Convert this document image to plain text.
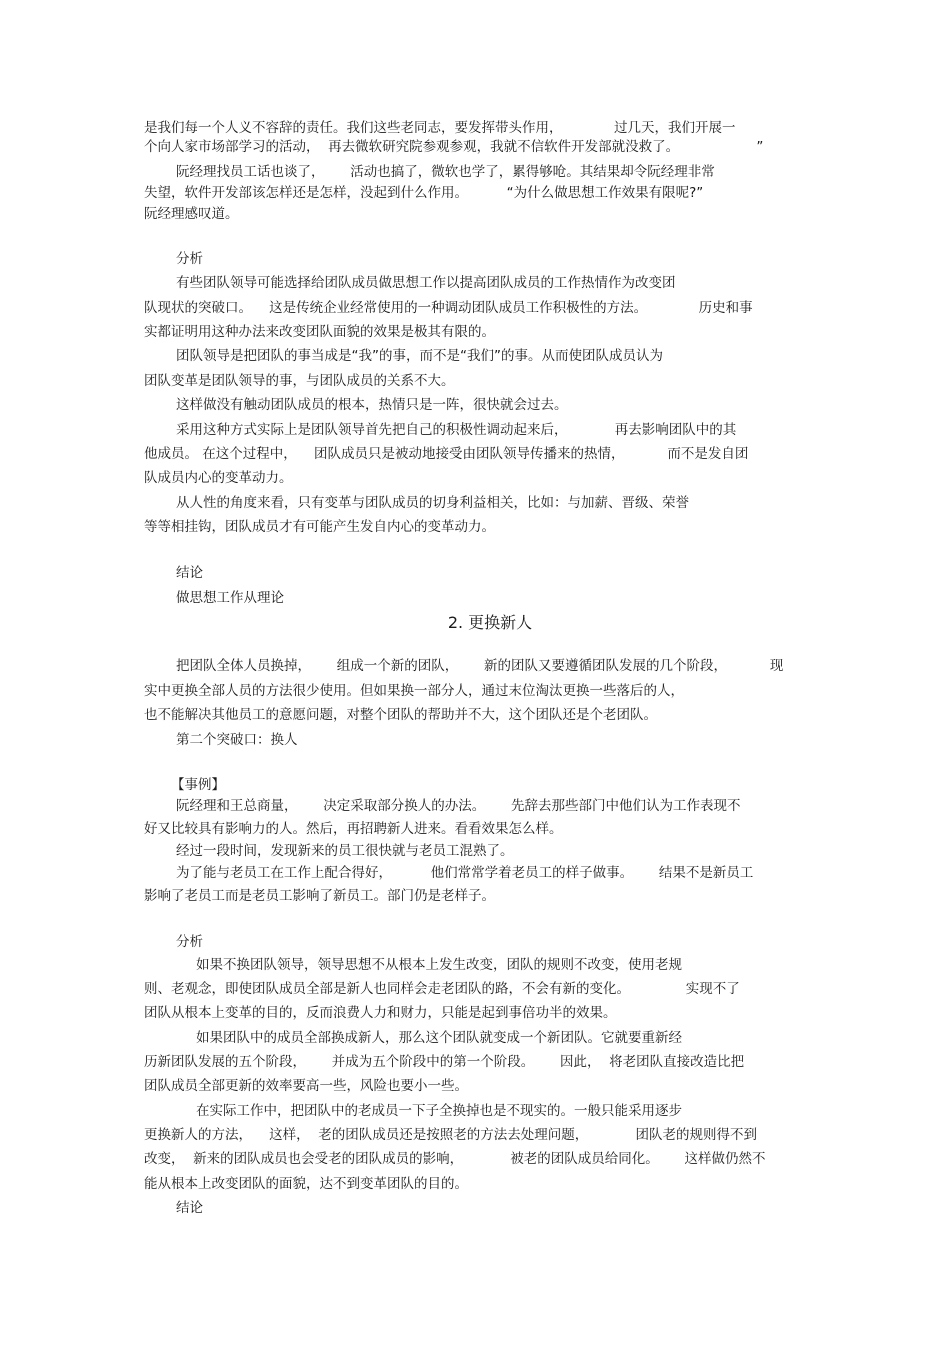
是我们每一个人义不容辞的责任。我们这些老同志，要发挥带头作用，            过几天，我们开展一

个向人家市场部学习的活动，  再去微软研究院参观参观，我就不信软件开发部就没救了。                  ”

阮经理找员工话也谈了，      活动也搞了，微软也学了，累得够呛。其结果却令阮经理非常

失望，软件开发部该怎样还是怎样，没起到什么作用。         “为什么做思想工作效果有限呢?”

阮经理感叹道。

分析

有些团队领导可能选择给团队成员做思想工作以提高团队成员的工作热情作为改变团

队现状的突破口。    这是传统企业经常使用的一种调动团队成员工作积极性的方法。            历史和事

实都证明用这种办法来改变团队面貌的效果是极其有限的。

团队领导是把团队的事当成是“我”的事，而不是“我们”的事。从而使团队成员认为

团队变革是团队领导的事，与团队成员的关系不大。

这样做没有触动团队成员的根本，热情只是一阵，很快就会过去。

采用这种方式实际上是团队领导首先把自己的积极性调动起来后，           再去影响团队中的其

他成员。 在这个过程中，    团队成员只是被动地接受由团队领导传播来的热情，          而不是发自团

队成员内心的变革动力。

从人性的角度来看，只有变革与团队成员的切身利益相关，比如：与加薪、晋级、荣誉

等等相挂钩，团队成员才有可能产生发自内心的变革动力。

结论

做思想工作从理论

2. 更换新人

把团队全体人员换掉，      组成一个新的团队，      新的团队又要遵循团队发展的几个阶段，          现

实中更换全部人员的方法很少使用。但如果换一部分人，通过末位淘汰更换一些落后的人，

也不能解决其他员工的意愿问题，对整个团队的帮助并不大，这个团队还是个老团队。

第二个突破口：换人

【事例】

阮经理和王总商量，      决定采取部分换人的办法。      先辞去那些部门中他们认为工作表现不

好又比较具有影响力的人。然后，再招聘新人进来。看看效果怎么样。

经过一段时间，发现新来的员工很快就与老员工混熟了。

为了能与老员工在工作上配合得好，         他们常常学着老员工的样子做事。      结果不是新员工

影响了老员工而是老员工影响了新员工。部门仍是老样子。

分析

如果不换团队领导，领导思想不从根本上发生改变，团队的规则不改变，使用老规

则、老观念，即使团队成员全部是新人也同样会走老团队的路，不会有新的变化。             实现不了

团队从根本上变革的目的，反而浪费人力和财力，只能是起到事倍功半的效果。

如果团队中的成员全部换成新人，那么这个团队就变成一个新团队。它就要重新经

历新团队发展的五个阶段，      并成为五个阶段中的第一个阶段。      因此，  将老团队直接改造比把

团队成员全部更新的效率要高一些，风险也要小一些。

在实际工作中，把团队中的老成员一下子全换掉也是不现实的。一般只能采用逐步

更换新人的方法，    这样，  老的团队成员还是按照老的方法去处理问题，           团队老的规则得不到

改变，  新来的团队成员也会受老的团队成员的影响，           被老的团队成员给同化。      这样做仍然不

能从根本上改变团队的面貌，达不到变革团队的目的。

结论
